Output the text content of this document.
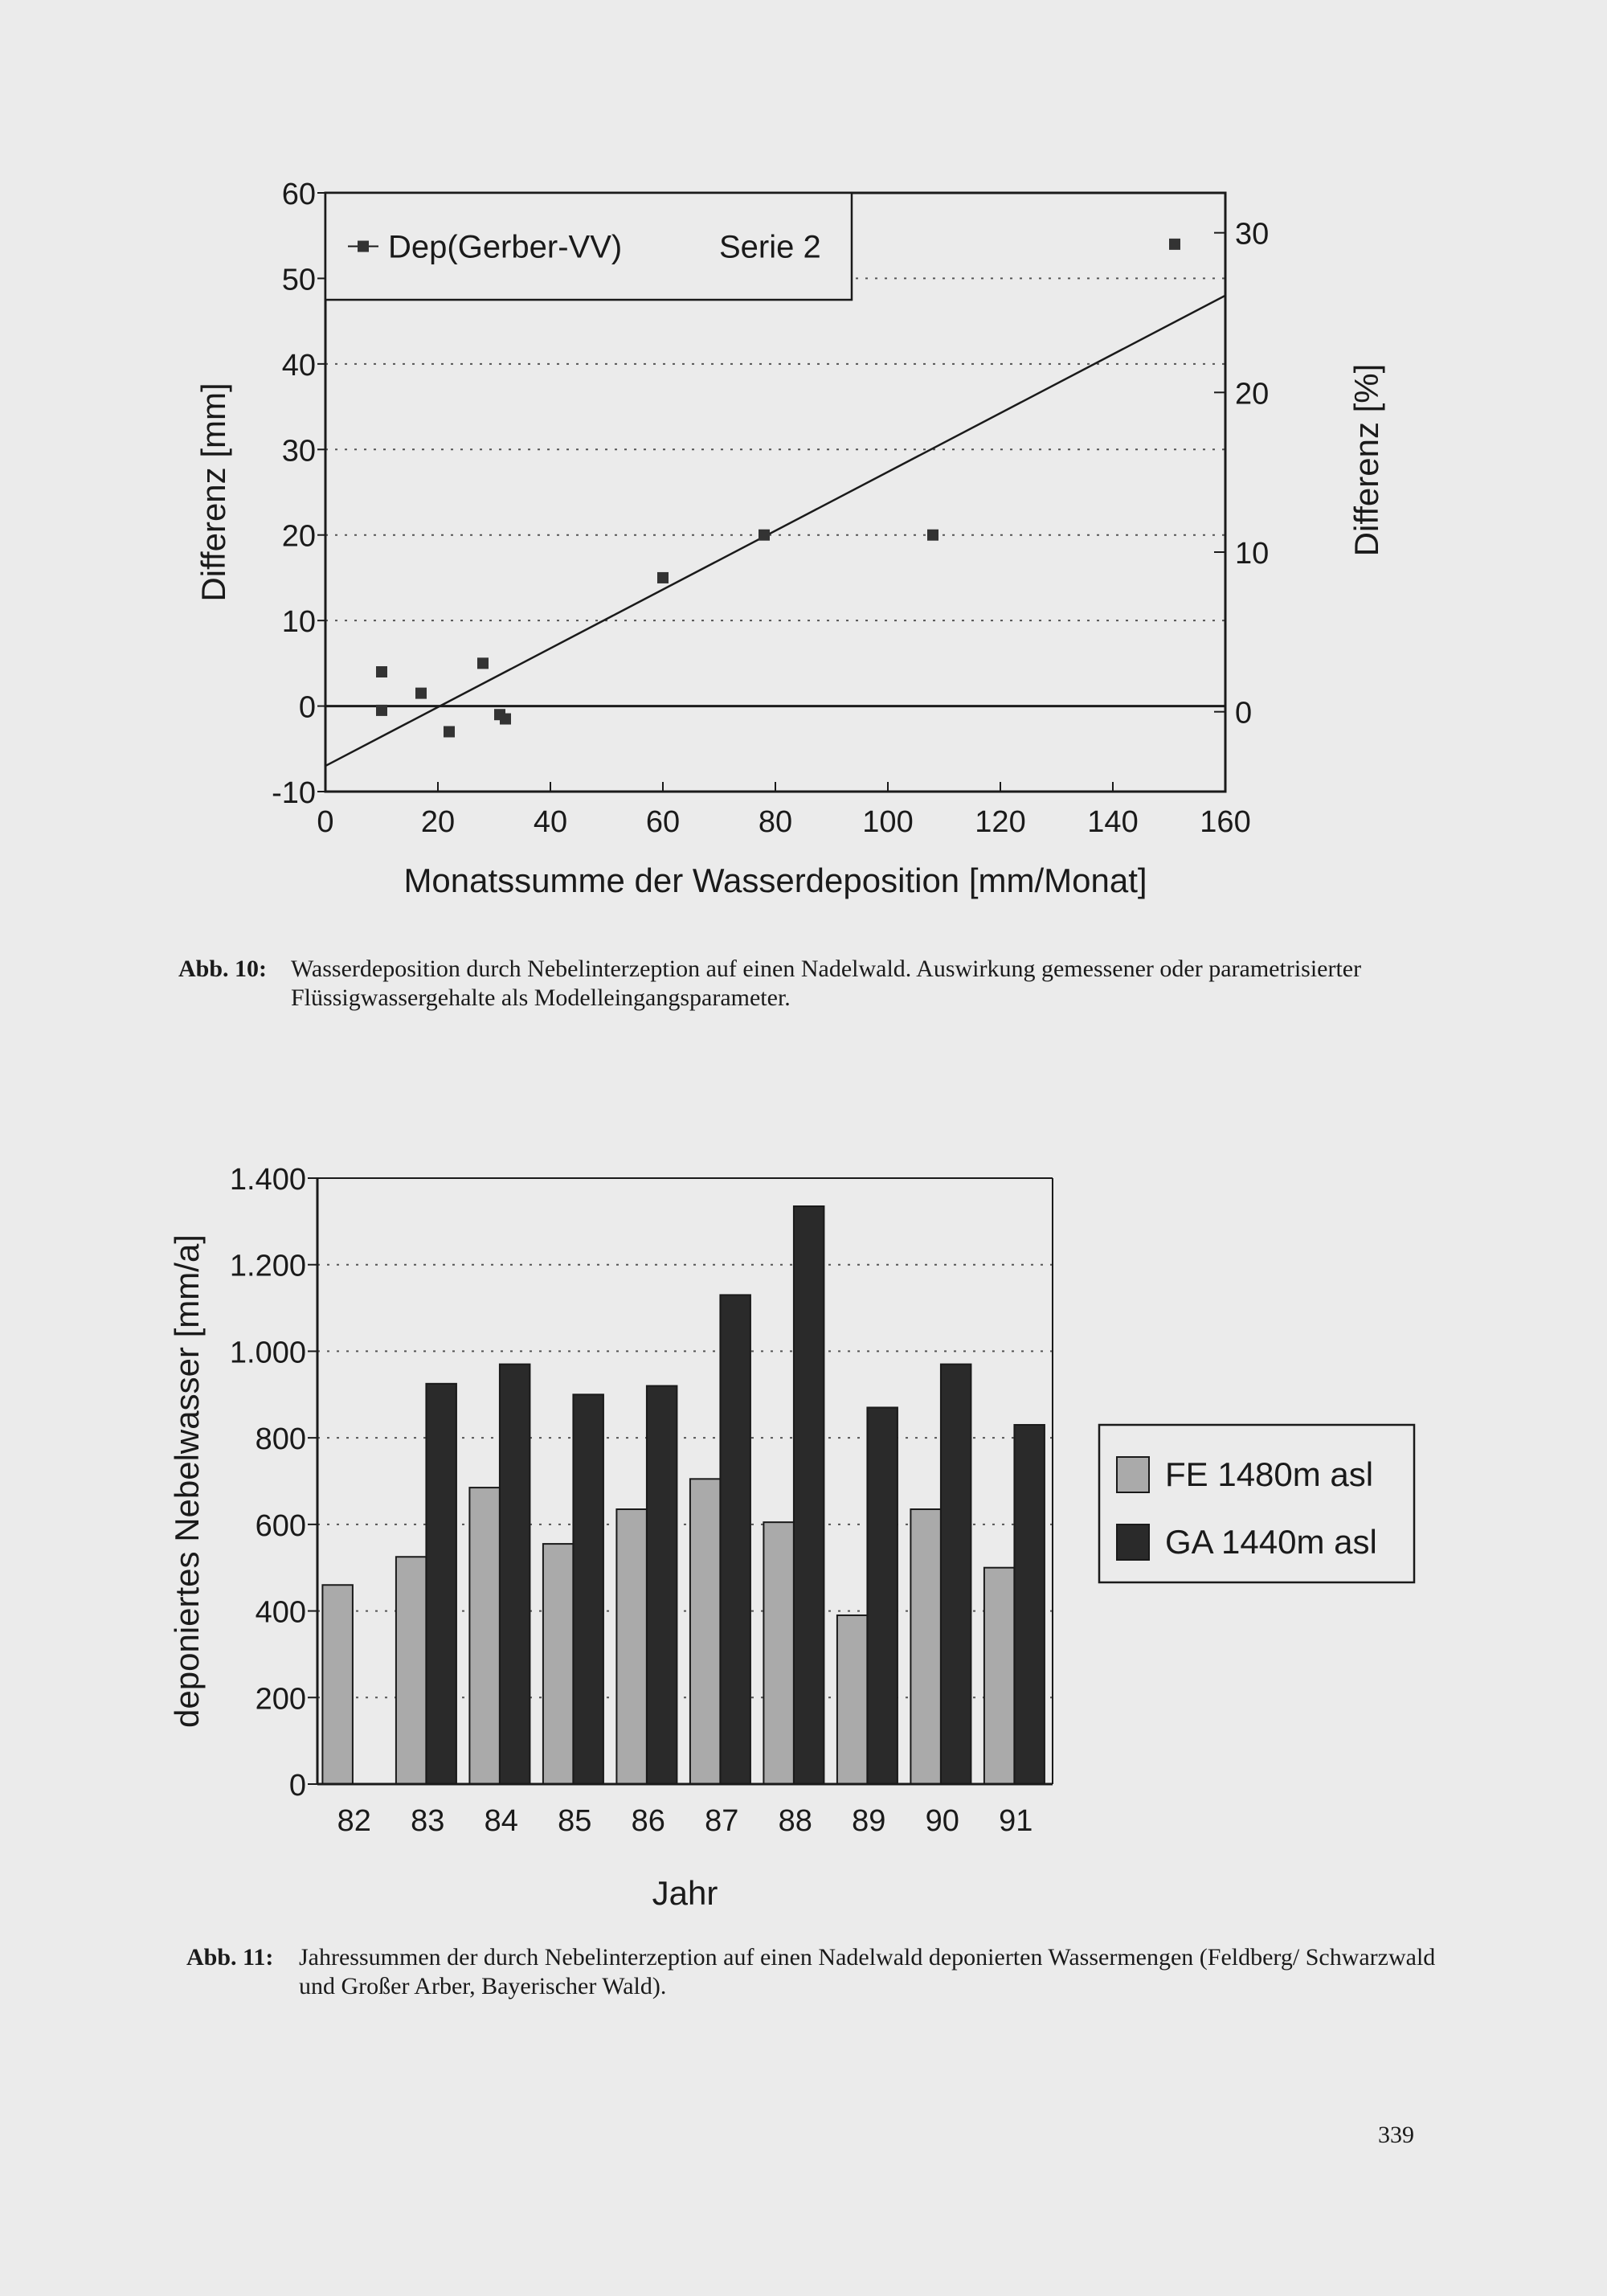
-10
0
10
20
30
40
50
60
0
10
20
30
0	20	40	60	80 100 120 140 160
Monatssumme der Wasserdeposition [mm/Monat]
Differenz [mm]	Differenz [%]
Dep(Gerber-VV)	Serie 2
Abb. 10: Wasserdeposition durch Nebelinterzeption auf einen Nadelwald. Auswirkung gemessener oder parametrisierter Flüssigwassergehalte als Modelleingangsparameter.
82 83 84 85 86 87 88 89 90 91
0
200
400
600
800
1.000
1.200
1.400
Jahr
deponiertes Nebelwasser [mm/a]	FE 1480m asl
GA 1440m asl
Abb. 11: Jahressummen der durch Nebelinterzeption auf einen Nadelwald deponierten Wassermengen (Feldberg/ Schwarzwald und Großer Arber, Bayerischer Wald).
339
